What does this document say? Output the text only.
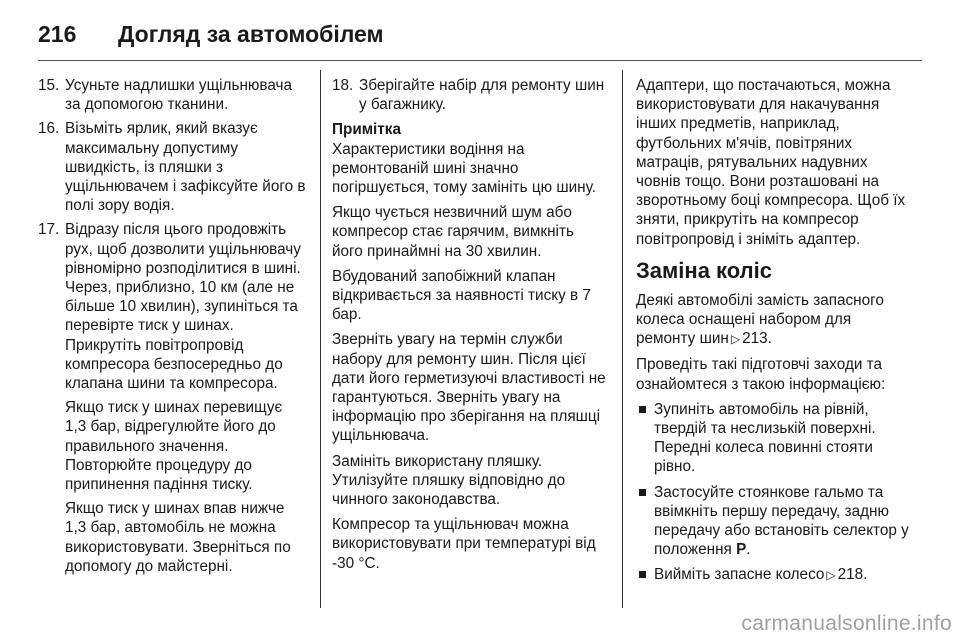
216	Догляд за автомобілем
15. Усуньте надлишки ущільнювача за допомогою тканини.
16. Візьміть ярлик, який вказує максимальну допустиму швидкість, із пляшки з ущільнювачем і зафіксуйте його в полі зору водія.
17. Відразу після цього продовжіть рух, щоб дозволити ущільнювачу рівномірно розподілитися в шині. Через, приблизно, 10 км (але не більше 10 хвилин), зупиніться та перевірте тиск у шинах. Прикрутіть повітропровід компресора безпосередньо до клапана шини та компресора.
Якщо тиск у шинах перевищує 1,3 бар, відрегулюйте його до правильного значення. Повторюйте процедуру до припинення падіння тиску.
Якщо тиск у шинах впав нижче 1,3 бар, автомобіль не можна використовувати. Зверніться по допомогу до майстерні.
18. Зберігайте набір для ремонту шин у багажнику.
Примітка

Характеристики водіння на ремонтованій шині значно погіршується, тому замініть цю шину.

Якщо чується незвичний шум або компресор стає гарячим, вимкніть його принаймні на 30 хвилин.

Вбудований запобіжний клапан відкривається за наявності тиску в 7 бар.

Зверніть увагу на термін служби набору для ремонту шин. Після цієї дати його герметизуючі властивості не гарантуються. Зверніть увагу на інформацію про зберігання на пляшці ущільнювача.

Замініть використану пляшку. Утилізуйте пляшку відповідно до чинного законодавства.

Компресор та ущільнювач можна використовувати при температурі від -30 °C.

Адаптери, що постачаються, можна використовувати для накачування інших предметів, наприклад, футбольних м'ячів, повітряних матраців, рятувальних надувних човнів тощо. Вони розташовані на зворотньому боці компресора. Щоб їх зняти, прикрутіть на компресор повітропровід і зніміть адаптер.

Заміна коліс

Деякі автомобілі замість запасного колеса оснащені набором для ремонту шин ▷ 213.

Проведіть такі підготовчі заходи та ознайомтеся з такою інформацією:

Зупиніть автомобіль на рівній, твердій та неслизькій поверхні. Передні колеса повинні стояти рівно.
Застосуйте стоянкове гальмо та ввімкніть першу передачу, задню передачу або встановіть селектор у положення P.
Вийміть запасне колесо ▷ 218.
carmanualsonline.info
